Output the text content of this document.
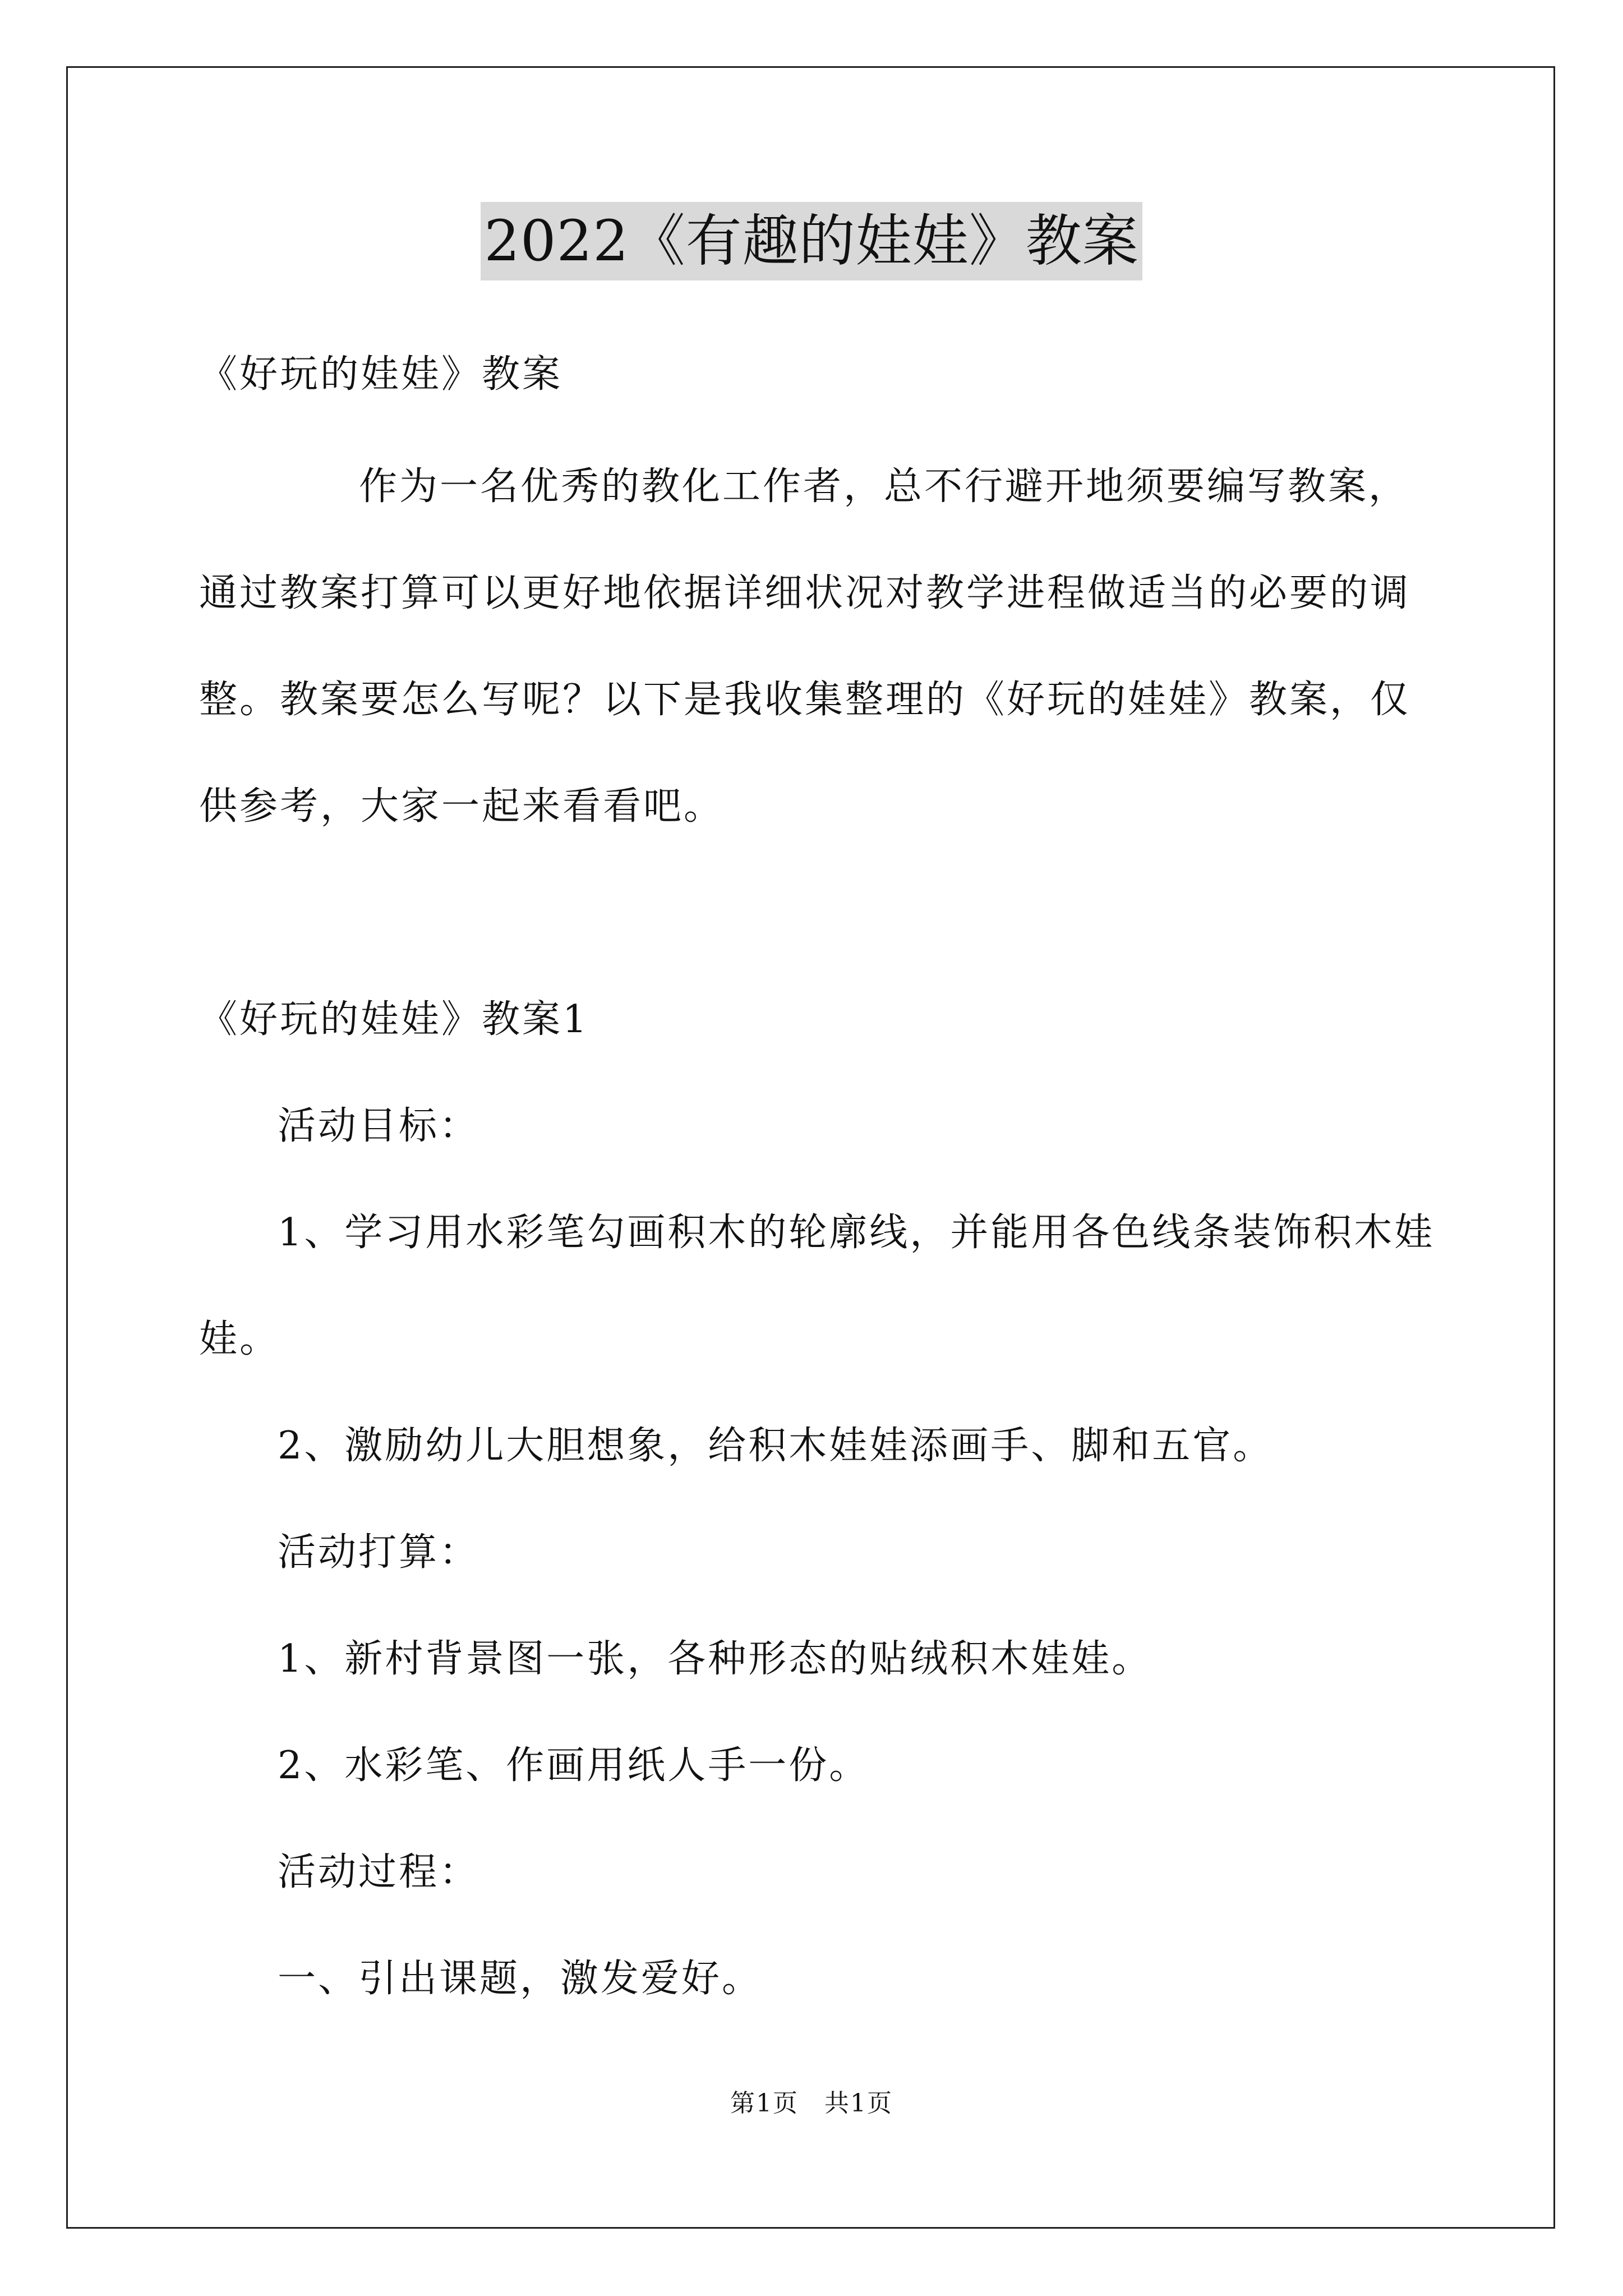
2022《有趣的娃娃》教案
《好玩的娃娃》教案
作为一名优秀的教化工作者，总不行避开地须要编写教案，
通过教案打算可以更好地依据详细状况对教学进程做适当的必要的调
整。教案要怎么写呢？以下是我收集整理的《好玩的娃娃》教案，仅
供参考，大家一起来看看吧。
《好玩的娃娃》教案1
活动目标：
1、学习用水彩笔勾画积木的轮廓线，并能用各色线条装饰积木娃
娃。
2、激励幼儿大胆想象，给积木娃娃添画手、脚和五官。
活动打算：
1、新村背景图一张，各种形态的贴绒积木娃娃。
2、水彩笔、作画用纸人手一份。
活动过程：
一、引出课题，激发爱好。
第1页　共1页
